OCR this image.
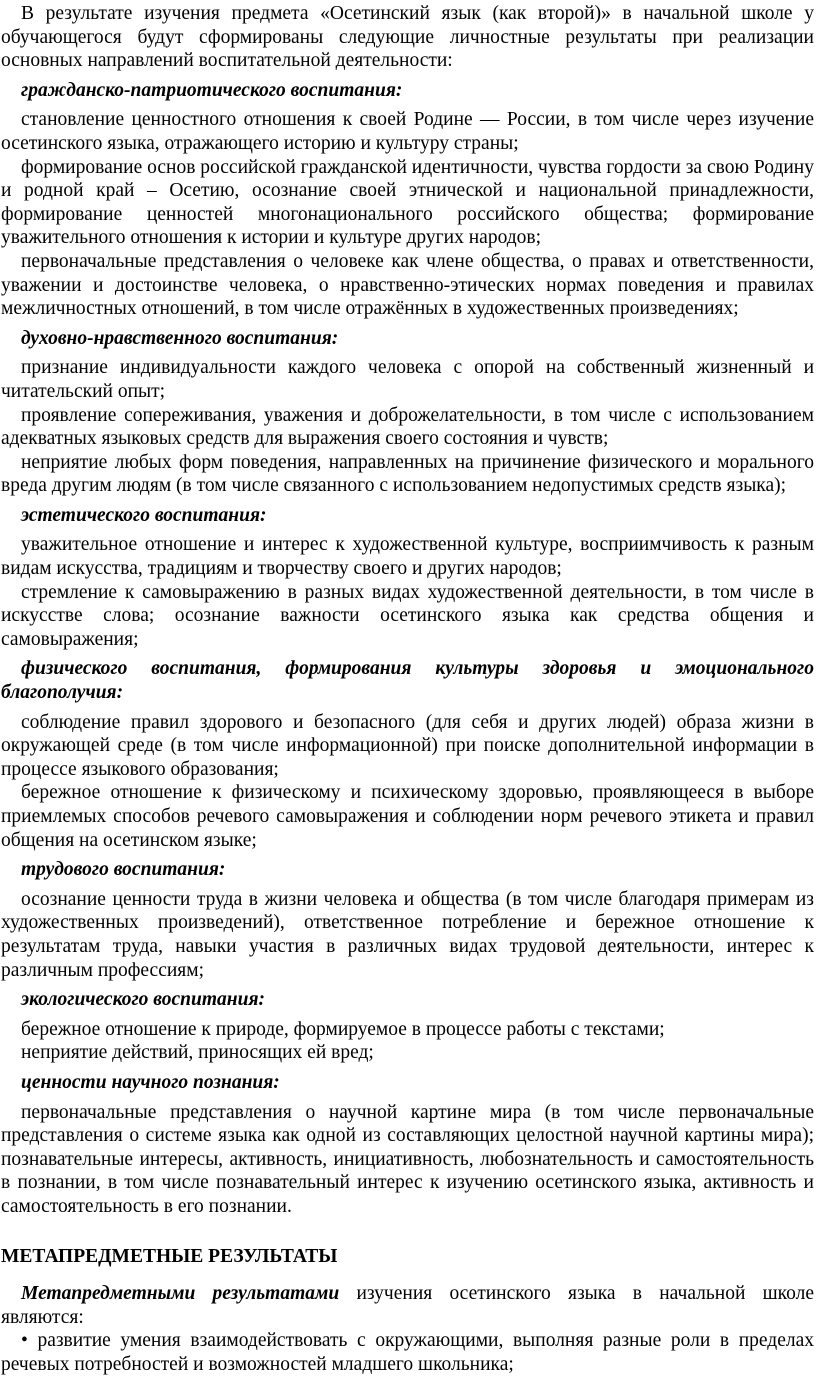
В результате изучения предмета «Осетинский язык (как второй)» в начальной школе у обучающегося будут сформированы следующие личностные результаты при реализации основных направлений воспитательной деятельности:

гражданско-патриотического воспитания:

становление ценностного отношения к своей Родине — России, в том числе через изучение осетинского языка, отражающего историю и культуру страны;

формирование основ российской гражданской идентичности, чувства гордости за свою Родину и родной край – Осетию, осознание своей этнической и национальной принадлежности, формирование ценностей многонационального российского общества; формирование уважительного отношения к истории и культуре других народов;

первоначальные представления о человеке как члене общества, о правах и ответственности, уважении и достоинстве человека, о нравственно-этических нормах поведения и правилах межличностных отношений, в том числе отражённых в художественных произведениях;

духовно-нравственного воспитания:

признание индивидуальности каждого человека с опорой на собственный жизненный и читательский опыт;

проявление сопереживания, уважения и доброжелательности, в том числе с использованием адекватных языковых средств для выражения своего состояния и чувств;

неприятие любых форм поведения, направленных на причинение физического и морального вреда другим людям (в том числе связанного с использованием недопустимых средств языка);

эстетического воспитания:

уважительное отношение и интерес к художественной культуре, восприимчивость к разным видам искусства, традициям и творчеству своего и других народов;

стремление к самовыражению в разных видах художественной деятельности, в том числе в искусстве слова; осознание важности осетинского языка как средства общения и самовыражения;

физического воспитания, формирования культуры здоровья и эмоционального благополучия:

соблюдение правил здорового и безопасного (для себя и других людей) образа жизни в окружающей среде (в том числе информационной) при поиске дополнительной информации в процессе языкового образования;

бережное отношение к физическому и психическому здоровью, проявляющееся в выборе приемлемых способов речевого самовыражения и соблюдении норм речевого этикета и правил общения на осетинском языке;

трудового воспитания:

осознание ценности труда в жизни человека и общества (в том числе благодаря примерам из художественных произведений), ответственное потребление и бережное отношение к результатам труда, навыки участия в различных видах трудовой деятельности, интерес к различным профессиям;

экологического воспитания:

бережное отношение к природе, формируемое в процессе работы с текстами;

неприятие действий, приносящих ей вред;

ценности научного познания:

первоначальные представления о научной картине мира (в том числе первоначальные представления о системе языка как одной из составляющих целостной научной картины мира); познавательные интересы, активность, инициативность, любознательность и самостоятельность в познании, в том числе познавательный интерес к изучению осетинского языка, активность и самостоятельность в его познании.

МЕТАПРЕДМЕТНЫЕ РЕЗУЛЬТАТЫ

Метапредметными результатами изучения осетинского языка в начальной школе являются:

• развитие умения взаимодействовать с окружающими, выполняя разные роли в пределах речевых потребностей и возможностей младшего школьника;
